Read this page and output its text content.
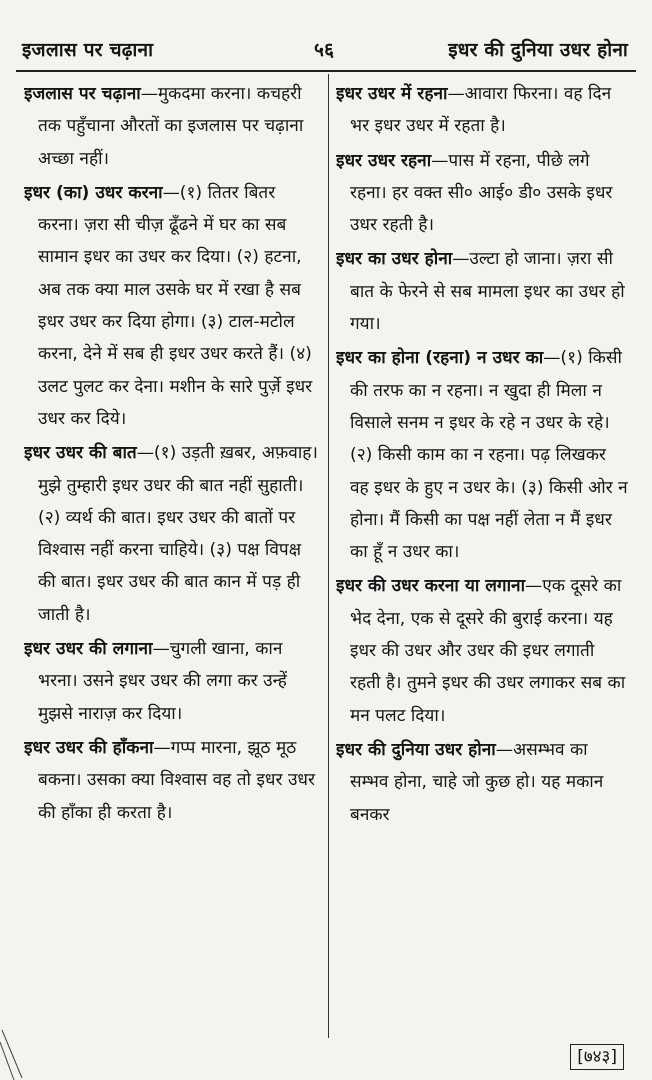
इजलास पर चढ़ाना	५६	इधर की दुनिया उधर होना

इजलास पर चढ़ाना—मुकदमा करना। कचहरी तक पहुँचाना औरतों का इजलास पर चढ़ाना अच्छा नहीं।

इधर (का) उधर करना—(१) तितर बितर करना। ज़रा सी चीज़ ढूँढने में घर का सब सामान इधर का उधर कर दिया। (२) हटना, अब तक क्या माल उसके घर में रखा है सब इधर उधर कर दिया होगा। (३) टाल-मटोल करना, देने में सब ही इधर उधर करते हैं। (४) उलट पुलट कर देना। मशीन के सारे पुर्ज़े इधर उधर कर दिये।

इधर उधर की बात—(१) उड़ती ख़बर, अफ़वाह। मुझे तुम्हारी इधर उधर की बात नहीं सुहाती। (२) व्यर्थ की बात। इधर उधर की बातों पर विश्वास नहीं करना चाहिये। (३) पक्ष विपक्ष की बात। इधर उधर की बात कान में पड़ ही जाती है।

इधर उधर की लगाना—चुगली खाना, कान भरना। उसने इधर उधर की लगा कर उन्हें मुझसे नाराज़ कर दिया।

इधर उधर की हाँकना—गप्प मारना, झूठ मूठ बकना। उसका क्या विश्वास वह तो इधर उधर की हाँका ही करता है।

इधर उधर में रहना—आवारा फिरना। वह दिन भर इधर उधर में रहता है।

इधर उधर रहना—पास में रहना, पीछे लगे रहना। हर वक्त सी० आई० डी० उसके इधर उधर रहती है।

इधर का उधर होना—उल्टा हो जाना। ज़रा सी बात के फेरने से सब मामला इधर का उधर हो गया।

इधर का होना (रहना) न उधर का—(१) किसी की तरफ का न रहना। न खुदा ही मिला न विसाले सनम न इधर के रहे न उधर के रहे। (२) किसी काम का न रहना। पढ़ लिखकर वह इधर के हुए न उधर के। (३) किसी ओर न होना। मैं किसी का पक्ष नहीं लेता न मैं इधर का हूँ न उधर का।

इधर की उधर करना या लगाना—एक दूसरे का भेद देना, एक से दूसरे की बुराई करना। यह इधर की उधर और उधर की इधर लगाती रहती है। तुमने इधर की उधर लगाकर सब का मन पलट दिया।

इधर की दुनिया उधर होना—असम्भव का सम्भव होना, चाहे जो कुछ हो। यह मकान बनकर

[७४३]
